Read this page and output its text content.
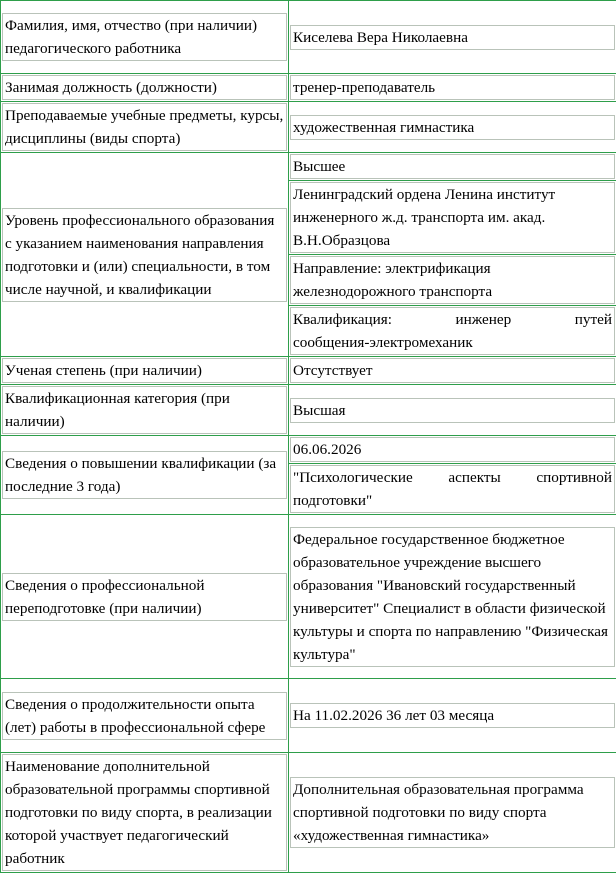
Фамилия, имя, отчество (при наличии) педагогического работника	Киселева Вера Николаевна

Занимая должность (должности)	тренер-преподаватель

Преподаваемые учебные предметы, курсы, дисциплины (виды спорта)	художественная гимнастика

Уровень профессионального образования с указанием наименования направления подготовки и (или) специальности, в том числе научной, и квалификации	Высшее

	Ленинградский ордена Ленина институт инженерного ж.д. транспорта им. акад. В.Н.Образцова

	Направление: электрификация железнодорожного транспорта

	Квалификация: инженер путей
сообщения-электромеханик

Ученая степень (при наличии)	Отсутствует

Квалификационная категория (при наличии)	Высшая

Сведения о повышении квалификации (за последние 3 года)	06.06.2026

	"Психологические аспекты спортивной подготовки"

Сведения о профессиональной переподготовке (при наличии)	Федеральное государственное бюджетное образовательное учреждение высшего образования "Ивановский государственный университет" Специалист в области физической культуры и спорта по направлению "Физическая культура"

Сведения о продолжительности опыта (лет) работы в профессиональной сфере	На 11.02.2026 36 лет 03 месяца

Наименование дополнительной образовательной программы спортивной подготовки по виду спорта, в реализации которой участвует педагогический работник	Дополнительная образовательная программа спортивной подготовки по виду спорта «художественная гимнастика»
